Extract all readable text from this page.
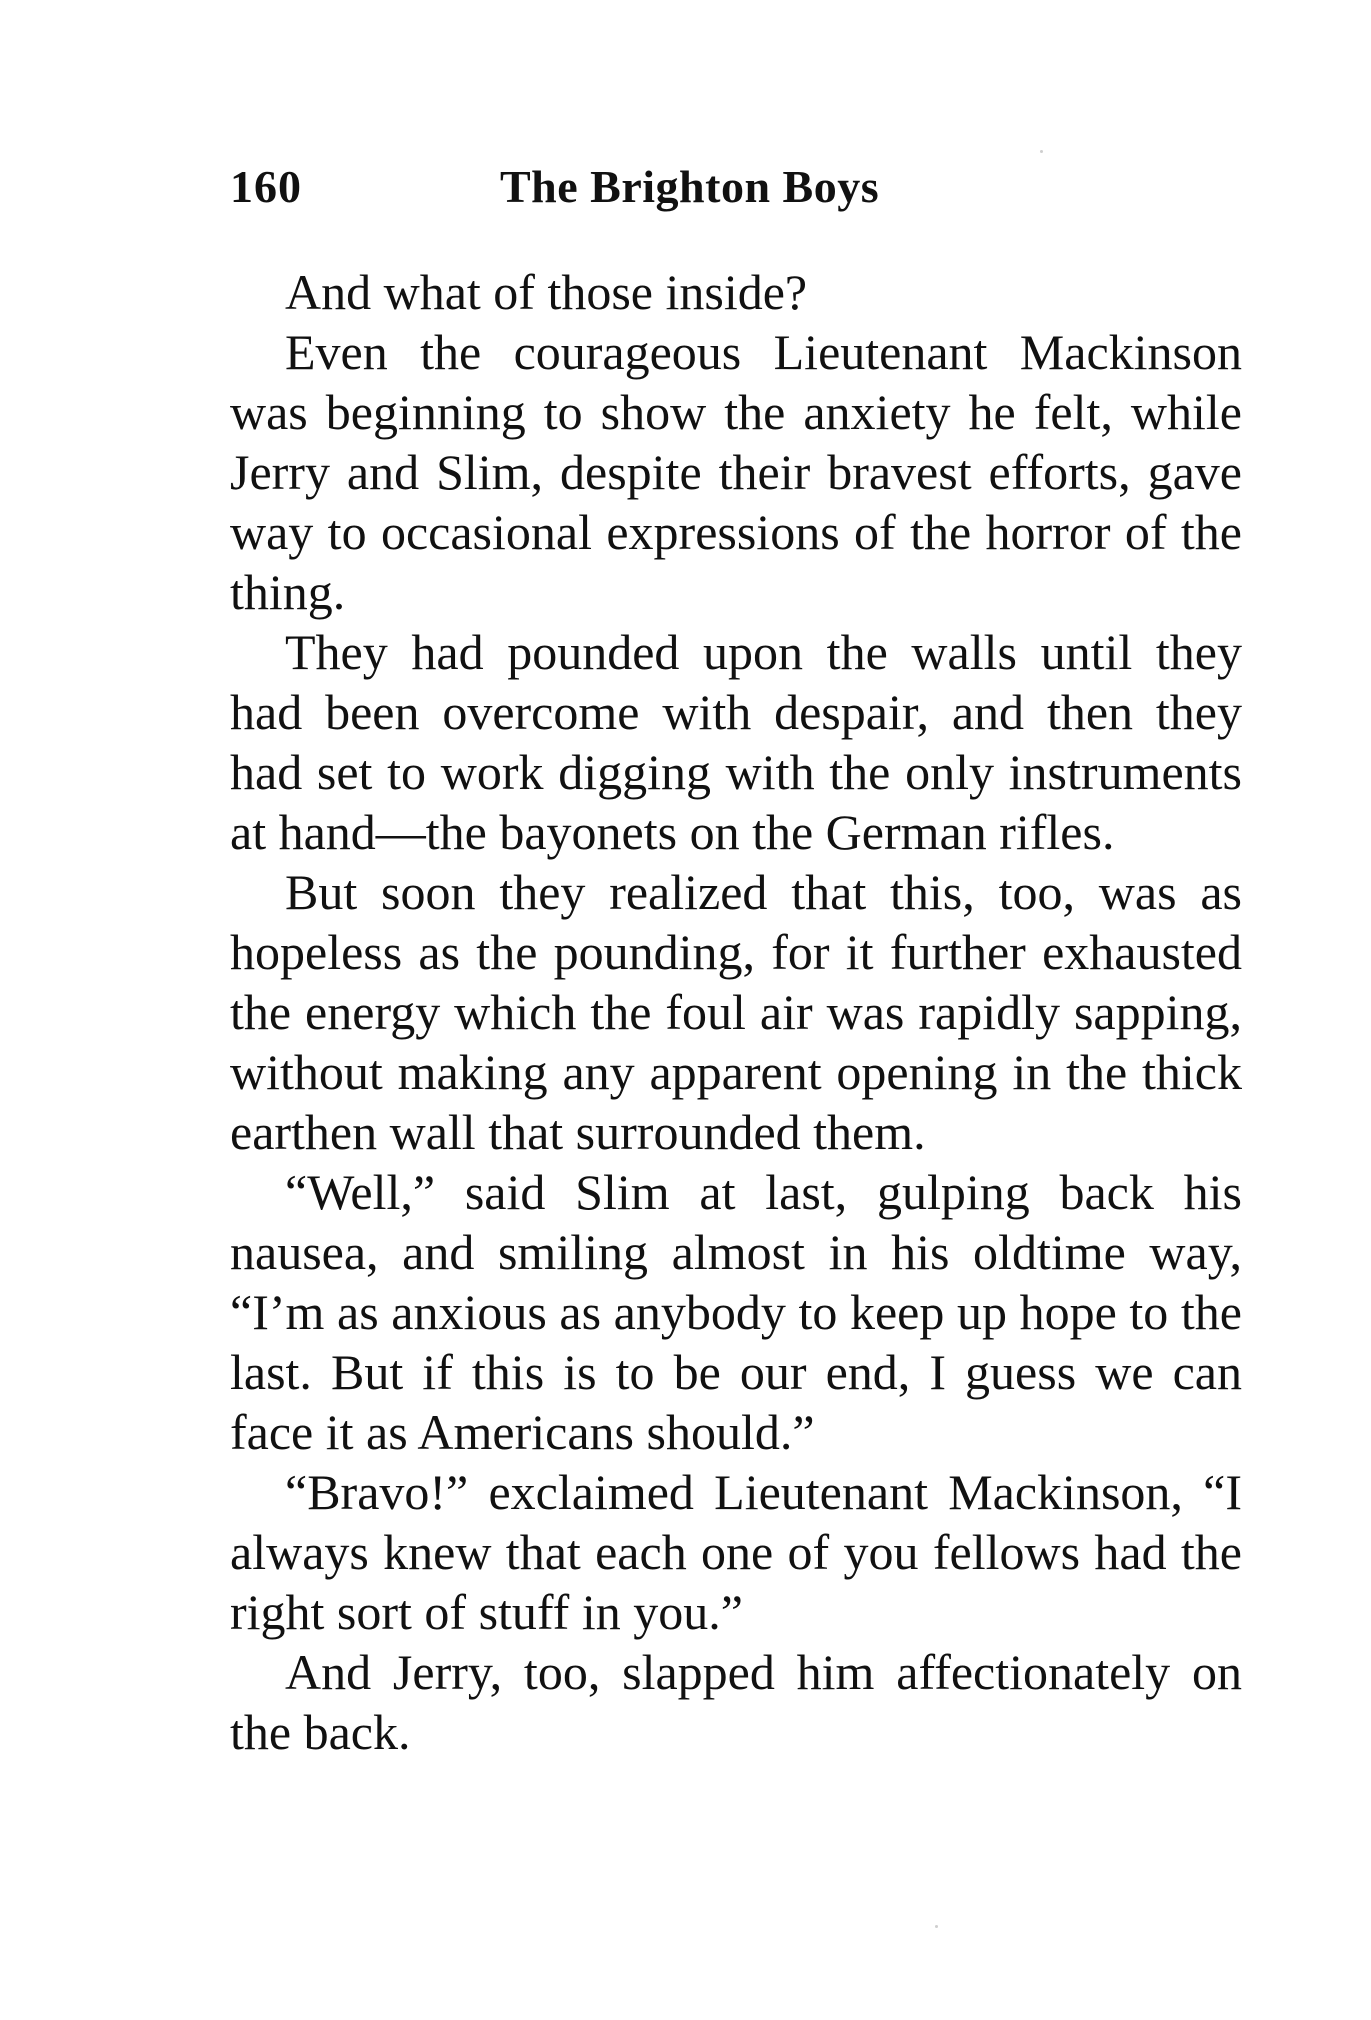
160	The Brighton Boys

And what of those inside?

Even the courageous Lieutenant Mackinson was beginning to show the anxiety he felt, while Jerry and Slim, despite their bravest efforts, gave way to occasional expressions of the horror of the thing.

They had pounded upon the walls until they had been overcome with despair, and then they had set to work digging with the only instruments at hand—the bayonets on the German rifles.

But soon they realized that this, too, was as hopeless as the pounding, for it further exhausted the energy which the foul air was rapidly sapping, without making any apparent opening in the thick earthen wall that surrounded them.

“Well,” said Slim at last, gulping back his nausea, and smiling almost in his oldtime way, “I’m as anxious as anybody to keep up hope to the last. But if this is to be our end, I guess we can face it as Americans should.”

“Bravo!” exclaimed Lieutenant Mackinson, “I always knew that each one of you fellows had the right sort of stuff in you.”

And Jerry, too, slapped him affectionately on the back.
